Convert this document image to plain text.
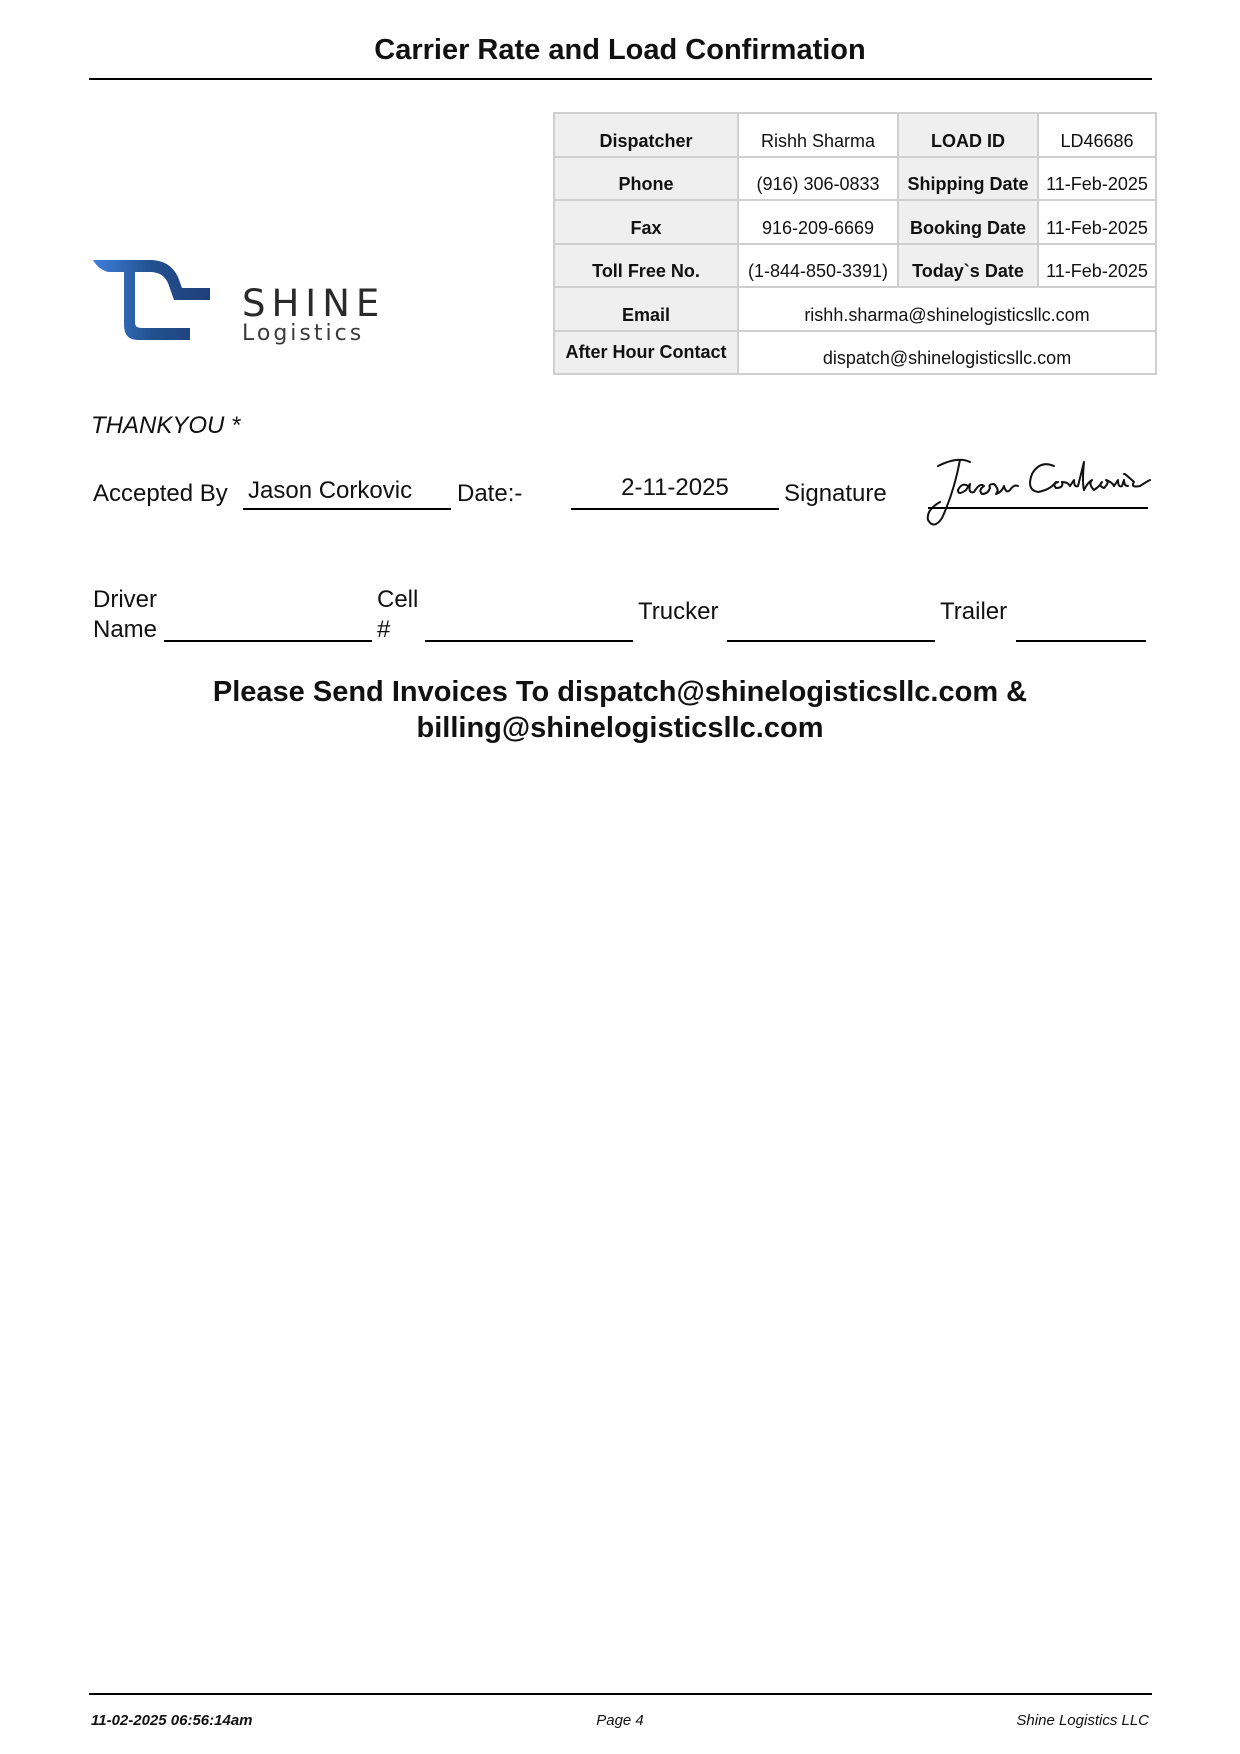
Carrier Rate and Load Confirmation
SHINE
Logistics
Dispatcher	Rishh Sharma	LOAD ID	LD46686
Phone	(916) 306-0833	Shipping Date	11-Feb-2025
Fax	916-209-6669	Booking Date	11-Feb-2025
Toll Free No.	(1-844-850-3391)	Today`s Date	11-Feb-2025
Email	rishh.sharma@shinelogisticsllc.com		
After Hour Contact	dispatch@shinelogisticsllc.com		
THANKYOU *
Accepted By Jason Corkovic	Date:-	2-11-2025	Signature
Driver
Name
Cell
#
Trucker	Trailer
Please Send Invoices To dispatch@shinelogisticsllc.com &
billing@shinelogisticsllc.com
11-02-2025 06:56:14am	Page 4	Shine Logistics LLC
